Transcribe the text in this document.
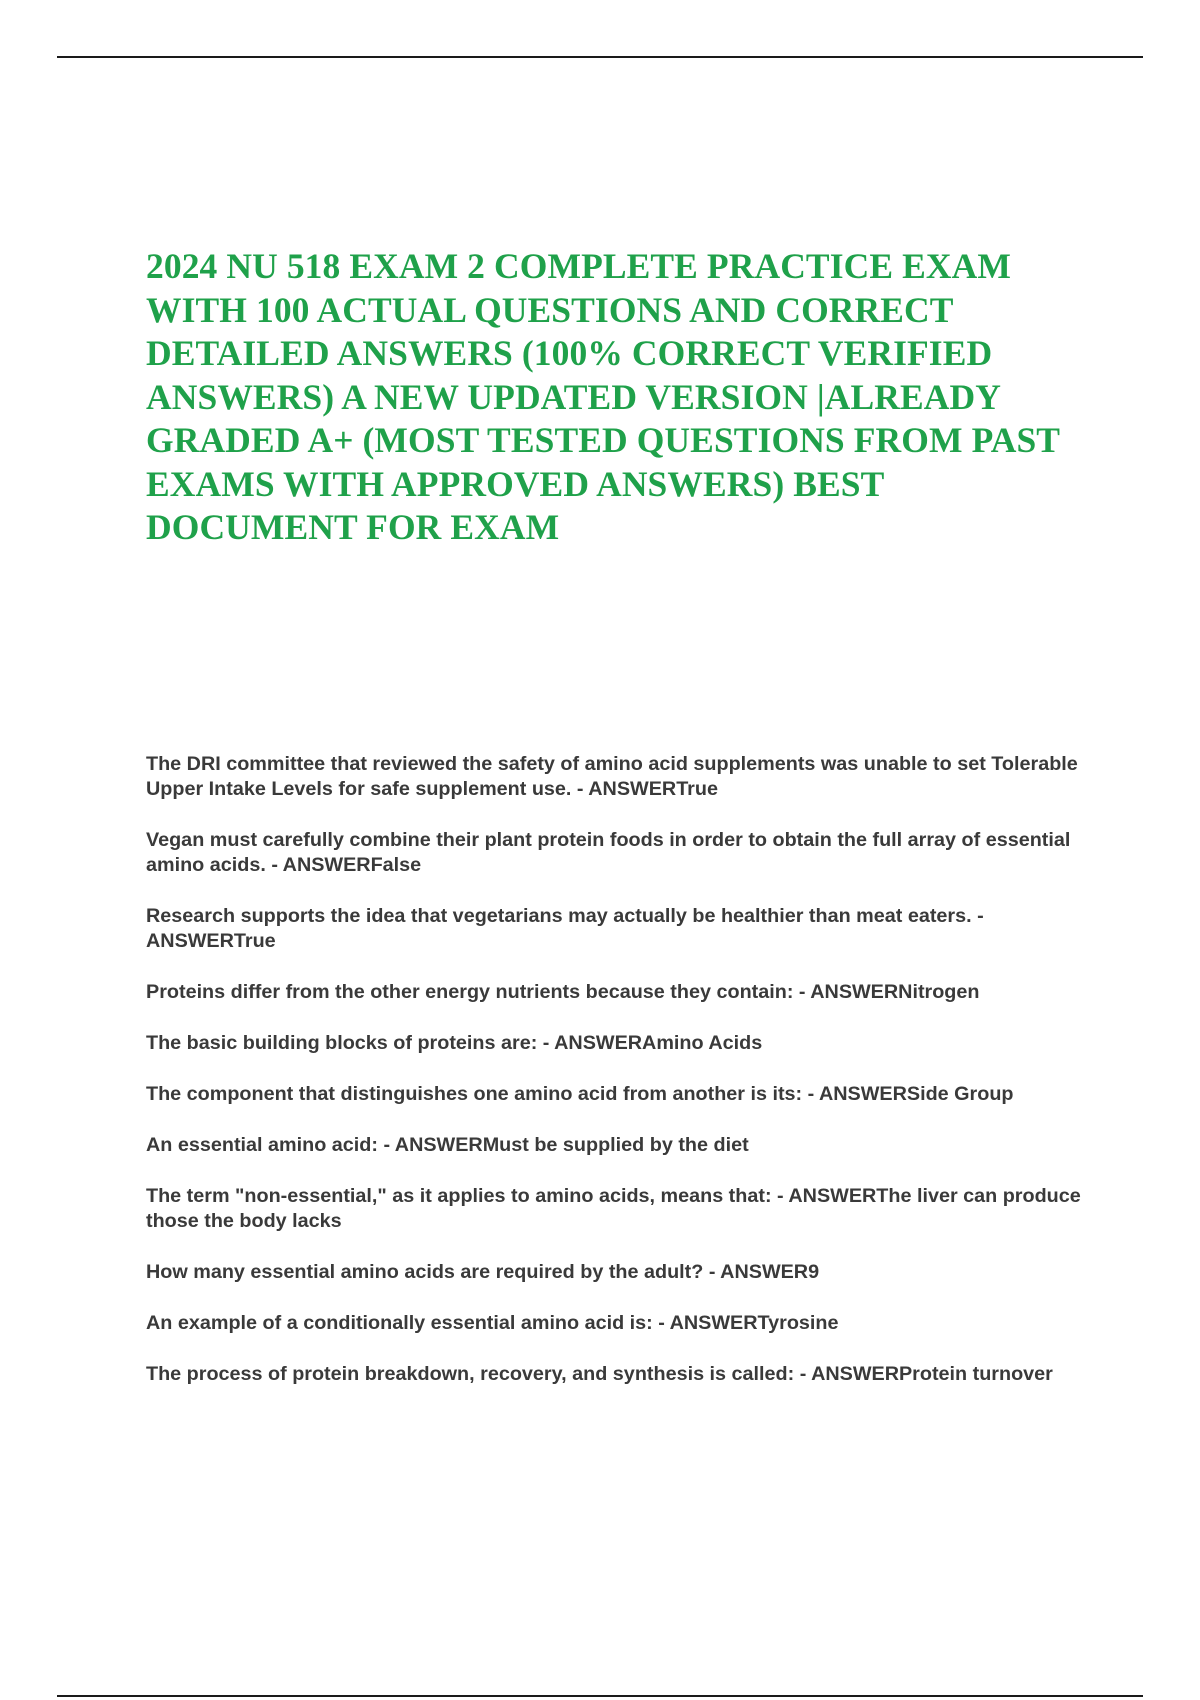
2024 NU 518 EXAM 2 COMPLETE PRACTICE EXAM WITH 100 ACTUAL QUESTIONS AND CORRECT DETAILED ANSWERS (100% CORRECT VERIFIED ANSWERS) A NEW UPDATED VERSION |ALREADY GRADED A+ (MOST TESTED QUESTIONS FROM PAST EXAMS WITH APPROVED ANSWERS) BEST DOCUMENT FOR EXAM
The DRI committee that reviewed the safety of amino acid supplements was unable to set Tolerable Upper Intake Levels for safe supplement use. - ANSWERTrue
Vegan must carefully combine their plant protein foods in order to obtain the full array of essential amino acids. - ANSWERFalse
Research supports the idea that vegetarians may actually be healthier than meat eaters. - ANSWERTrue
Proteins differ from the other energy nutrients because they contain: - ANSWERNitrogen
The basic building blocks of proteins are: - ANSWERAmino Acids
The component that distinguishes one amino acid from another is its: - ANSWERSide Group
An essential amino acid: - ANSWERMust be supplied by the diet
The term "non-essential," as it applies to amino acids, means that: - ANSWERThe liver can produce those the body lacks
How many essential amino acids are required by the adult? - ANSWER9
An example of a conditionally essential amino acid is: - ANSWERTyrosine
The process of protein breakdown, recovery, and synthesis is called: - ANSWERProtein turnover
